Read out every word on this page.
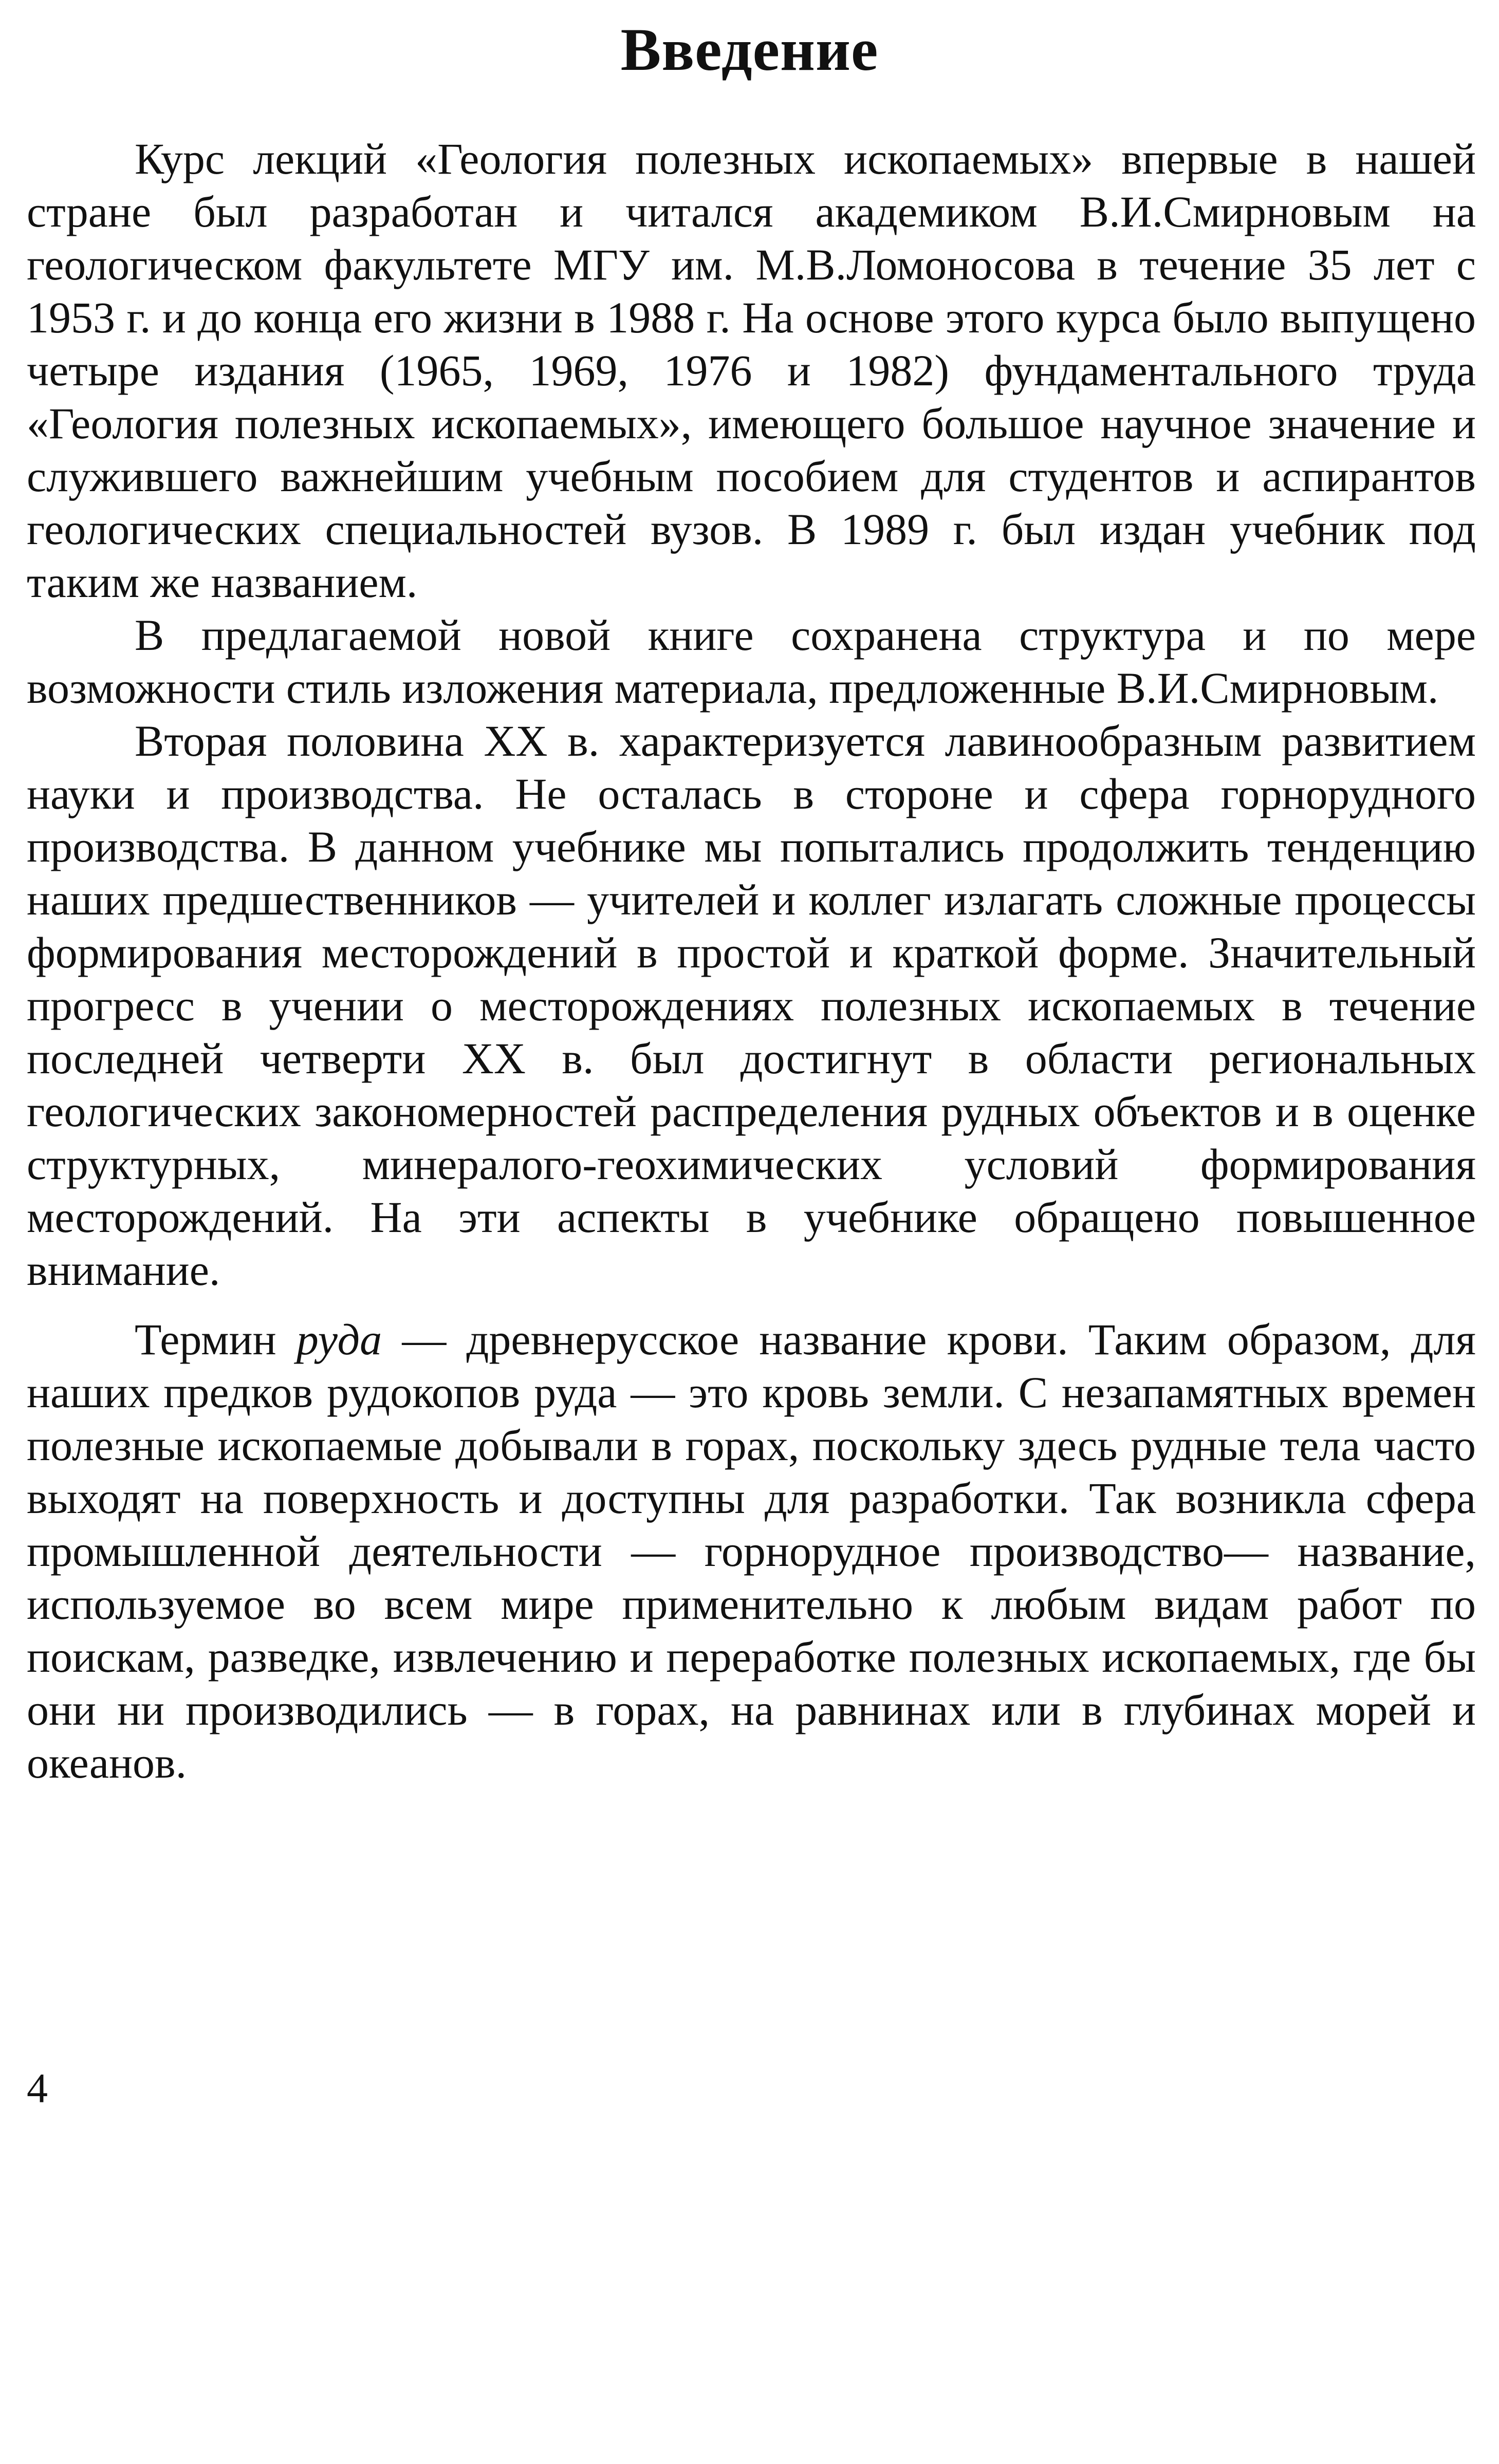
Введение

Курс лекций «Геология полезных ископаемых» впервые в нашей стране был разработан и читался академиком В.И.Смирновым на геологическом факультете МГУ им. М.В.Ломоносова в течение 35 лет с 1953 г. и до конца его жизни в 1988 г. На основе этого курса было выпущено четыре издания (1965, 1969, 1976 и 1982) фундаментального труда «Геология полезных ископаемых», имеющего большое научное значение и служившего важнейшим учебным пособием для студентов и аспирантов геологических специальностей вузов. В 1989 г. был издан учебник под таким же названием.

В предлагаемой новой книге сохранена структура и по мере возможности стиль изложения материала, предложенные В.И.Смирновым.

Вторая половина XX в. характеризуется лавинообразным развитием науки и производства. Не осталась в стороне и сфера горнорудного производства. В данном учебнике мы попытались продолжить тенденцию наших предшественников — учителей и коллег излагать сложные процессы формирования месторождений в простой и краткой форме. Значительный прогресс в учении о месторождениях полезных ископаемых в течение последней четверти XX в. был достигнут в области региональных геологических закономерностей распределения рудных объектов и в оценке структурных, минералого-геохимических условий формирования месторождений. На эти аспекты в учебнике обращено повышенное внимание.

Термин руда — древнерусское название крови. Таким образом, для наших предков рудокопов руда — это кровь земли. С незапамятных времен полезные ископаемые добывали в горах, поскольку здесь рудные тела часто выходят на поверхность и доступны для разработки. Так возникла сфера промышленной деятельности — горнорудное производство— название, используемое во всем мире применительно к любым видам работ по поискам, разведке, извлечению и переработке полезных ископаемых, где бы они ни производились — в горах, на равнинах или в глубинах морей и океанов.

4
